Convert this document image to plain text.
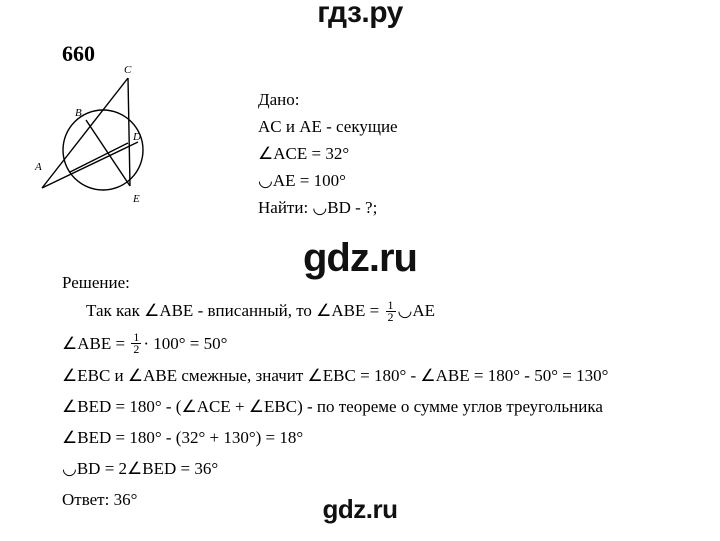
гдз.ру
gdz.ru
gdz.ru
660
C
B
D
A
E
Дано:
AC и AE - секущие
∠ACE = 32°
◡AE = 100°
Найти: ◡BD - ?;
Решение:
Так как ∠ABE - вписанный, то ∠ABE = $\frac{1}{2}$ ◡AE
∠ABE = $\frac{1}{2} \cdot 100^\circ = 50^\circ$
∠EBC и ∠ABE смежные, значит ∠EBC = 180° - ∠ABE = 180° - 50° = 130°
∠BED = 180° - (∠ACE + ∠EBC) - по теореме о сумме углов треугольника
∠BED = 180° - (32° + 130°) = 18°
◡BD = 2∠BED = 36°
Ответ: 36°
